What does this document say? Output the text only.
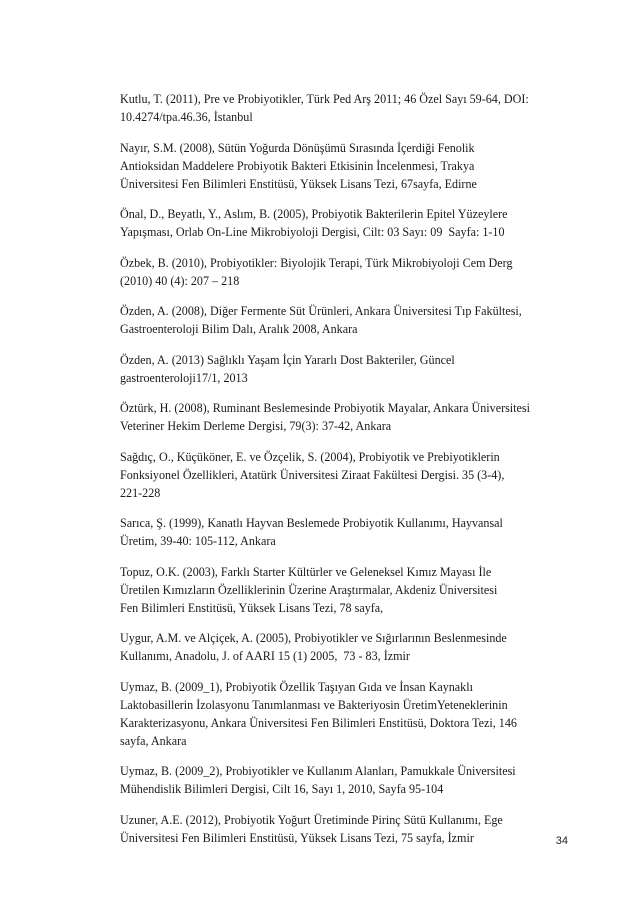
Kutlu, T. (2011), Pre ve Probiyotikler, Türk Ped Arş 2011; 46 Özel Sayı 59-64, DOI:
10.4274/tpa.46.36, İstanbul
Nayır, S.M. (2008), Sütün Yoğurda Dönüşümü Sırasında İçerdiği Fenolik
Antioksidan Maddelere Probiyotik Bakteri Etkisinin İncelenmesi, Trakya
Üniversitesi Fen Bilimleri Enstitüsü, Yüksek Lisans Tezi, 67sayfa, Edirne
Önal, D., Beyatlı, Y., Aslım, B. (2005), Probiyotik Bakterilerin Epitel Yüzeylere
Yapışması, Orlab On-Line Mikrobiyoloji Dergisi, Cilt: 03 Sayı: 09  Sayfa: 1-10
Özbek, B. (2010), Probiyotikler: Biyolojik Terapi, Türk Mikrobiyoloji Cem Derg
(2010) 40 (4): 207 – 218
Özden, A. (2008), Diğer Fermente Süt Ürünleri, Ankara Üniversitesi Tıp Fakültesi,
Gastroenteroloji Bilim Dalı, Aralık 2008, Ankara
Özden, A. (2013) Sağlıklı Yaşam İçin Yararlı Dost Bakteriler, Güncel
gastroenteroloji17/1, 2013
Öztürk, H. (2008), Ruminant Beslemesinde Probiyotik Mayalar, Ankara Üniversitesi
Veteriner Hekim Derleme Dergisi, 79(3): 37-42, Ankara
Sağdıç, O., Küçüköner, E. ve Özçelik, S. (2004), Probiyotik ve Prebiyotiklerin
Fonksiyonel Özellikleri, Atatürk Üniversitesi Ziraat Fakültesi Dergisi. 35 (3-4),
221-228
Sarıca, Ş. (1999), Kanatlı Hayvan Beslemede Probiyotik Kullanımı, Hayvansal
Üretim, 39-40: 105-112, Ankara
Topuz, O.K. (2003), Farklı Starter Kültürler ve Geleneksel Kımız Mayası İle
Üretilen Kımızların Özelliklerinin Üzerine Araştırmalar, Akdeniz Üniversitesi
Fen Bilimleri Enstitüsü, Yüksek Lisans Tezi, 78 sayfa,
Uygur, A.M. ve Alçiçek, A. (2005), Probiyotikler ve Sığırlarının Beslenmesinde
Kullanımı, Anadolu, J. of AARI 15 (1) 2005,  73 - 83, İzmir
Uymaz, B. (2009_1), Probiyotik Özellik Taşıyan Gıda ve İnsan Kaynaklı
Laktobasillerin İzolasyonu Tanımlanması ve Bakteriyosin ÜretimYeteneklerinin
Karakterizasyonu, Ankara Üniversitesi Fen Bilimleri Enstitüsü, Doktora Tezi, 146
sayfa, Ankara
Uymaz, B. (2009_2), Probiyotikler ve Kullanım Alanları, Pamukkale Üniversitesi
Mühendislik Bilimleri Dergisi, Cilt 16, Sayı 1, 2010, Sayfa 95-104
Uzuner, A.E. (2012), Probiyotik Yoğurt Üretiminde Pirinç Sütü Kullanımı, Ege
Üniversitesi Fen Bilimleri Enstitüsü, Yüksek Lisans Tezi, 75 sayfa, İzmir	34
